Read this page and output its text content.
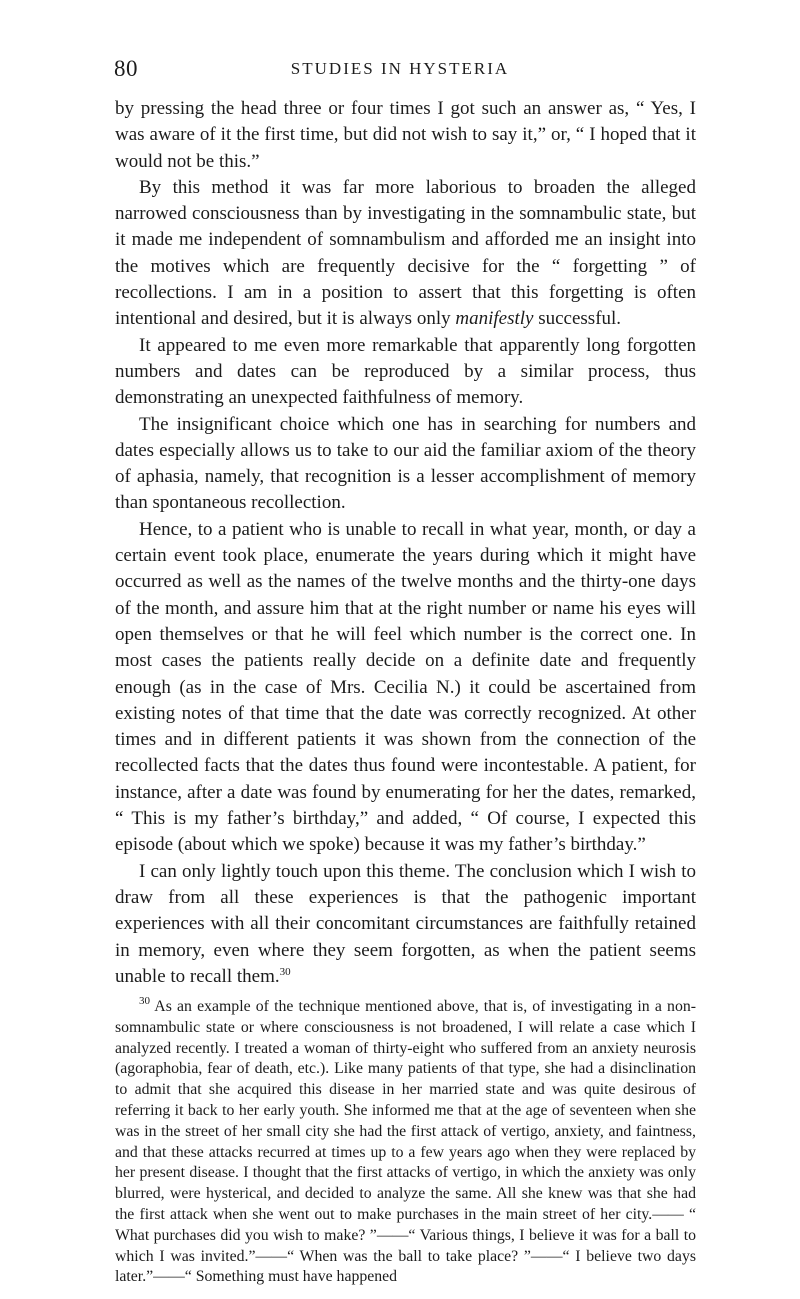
80	STUDIES IN HYSTERIA

by pressing the head three or four times I got such an answer as, “ Yes, I was aware of it the first time, but did not wish to say it,” or, “ I hoped that it would not be this.”

By this method it was far more laborious to broaden the alleged narrowed consciousness than by investigating in the somnambulic state, but it made me independent of somnambulism and afforded me an insight into the motives which are frequently decisive for the “ forgetting ” of recollections. I am in a position to assert that this forgetting is often intentional and desired, but it is always only manifestly successful.

It appeared to me even more remarkable that apparently long forgotten numbers and dates can be reproduced by a similar process, thus demonstrating an unexpected faithfulness of memory.

The insignificant choice which one has in searching for numbers and dates especially allows us to take to our aid the familiar axiom of the theory of aphasia, namely, that recognition is a lesser accomplishment of memory than spontaneous recollection.

Hence, to a patient who is unable to recall in what year, month, or day a certain event took place, enumerate the years during which it might have occurred as well as the names of the twelve months and the thirty-one days of the month, and assure him that at the right number or name his eyes will open themselves or that he will feel which number is the correct one. In most cases the patients really decide on a definite date and frequently enough (as in the case of Mrs. Cecilia N.) it could be ascertained from existing notes of that time that the date was correctly recognized. At other times and in different patients it was shown from the connection of the recollected facts that the dates thus found were incontestable. A patient, for instance, after a date was found by enumerating for her the dates, remarked, “ This is my father’s birthday,” and added, “ Of course, I expected this episode (about which we spoke) because it was my father’s birthday.”

I can only lightly touch upon this theme. The conclusion which I wish to draw from all these experiences is that the pathogenic important experiences with all their concomitant circumstances are faithfully retained in memory, even where they seem forgotten, as when the patient seems unable to recall them.$^{30}$

$^{30}$ As an example of the technique mentioned above, that is, of investigating in a non-somnambulic state or where consciousness is not broadened, I will relate a case which I analyzed recently. I treated a woman of thirty-eight who suffered from an anxiety neurosis (agoraphobia, fear of death, etc.). Like many patients of that type, she had a disinclination to admit that she acquired this disease in her married state and was quite desirous of referring it back to her early youth. She informed me that at the age of seventeen when she was in the street of her small city she had the first attack of vertigo, anxiety, and faintness, and that these attacks recurred at times up to a few years ago when they were replaced by her present disease. I thought that the first attacks of vertigo, in which the anxiety was only blurred, were hysterical, and decided to analyze the same. All she knew was that she had the first attack when she went out to make purchases in the main street of her city.—— “ What purchases did you wish to make? ”——“ Various things, I believe it was for a ball to which I was invited.”——“ When was the ball to take place? ”——“ I believe two days later.”——“ Something must have happened
